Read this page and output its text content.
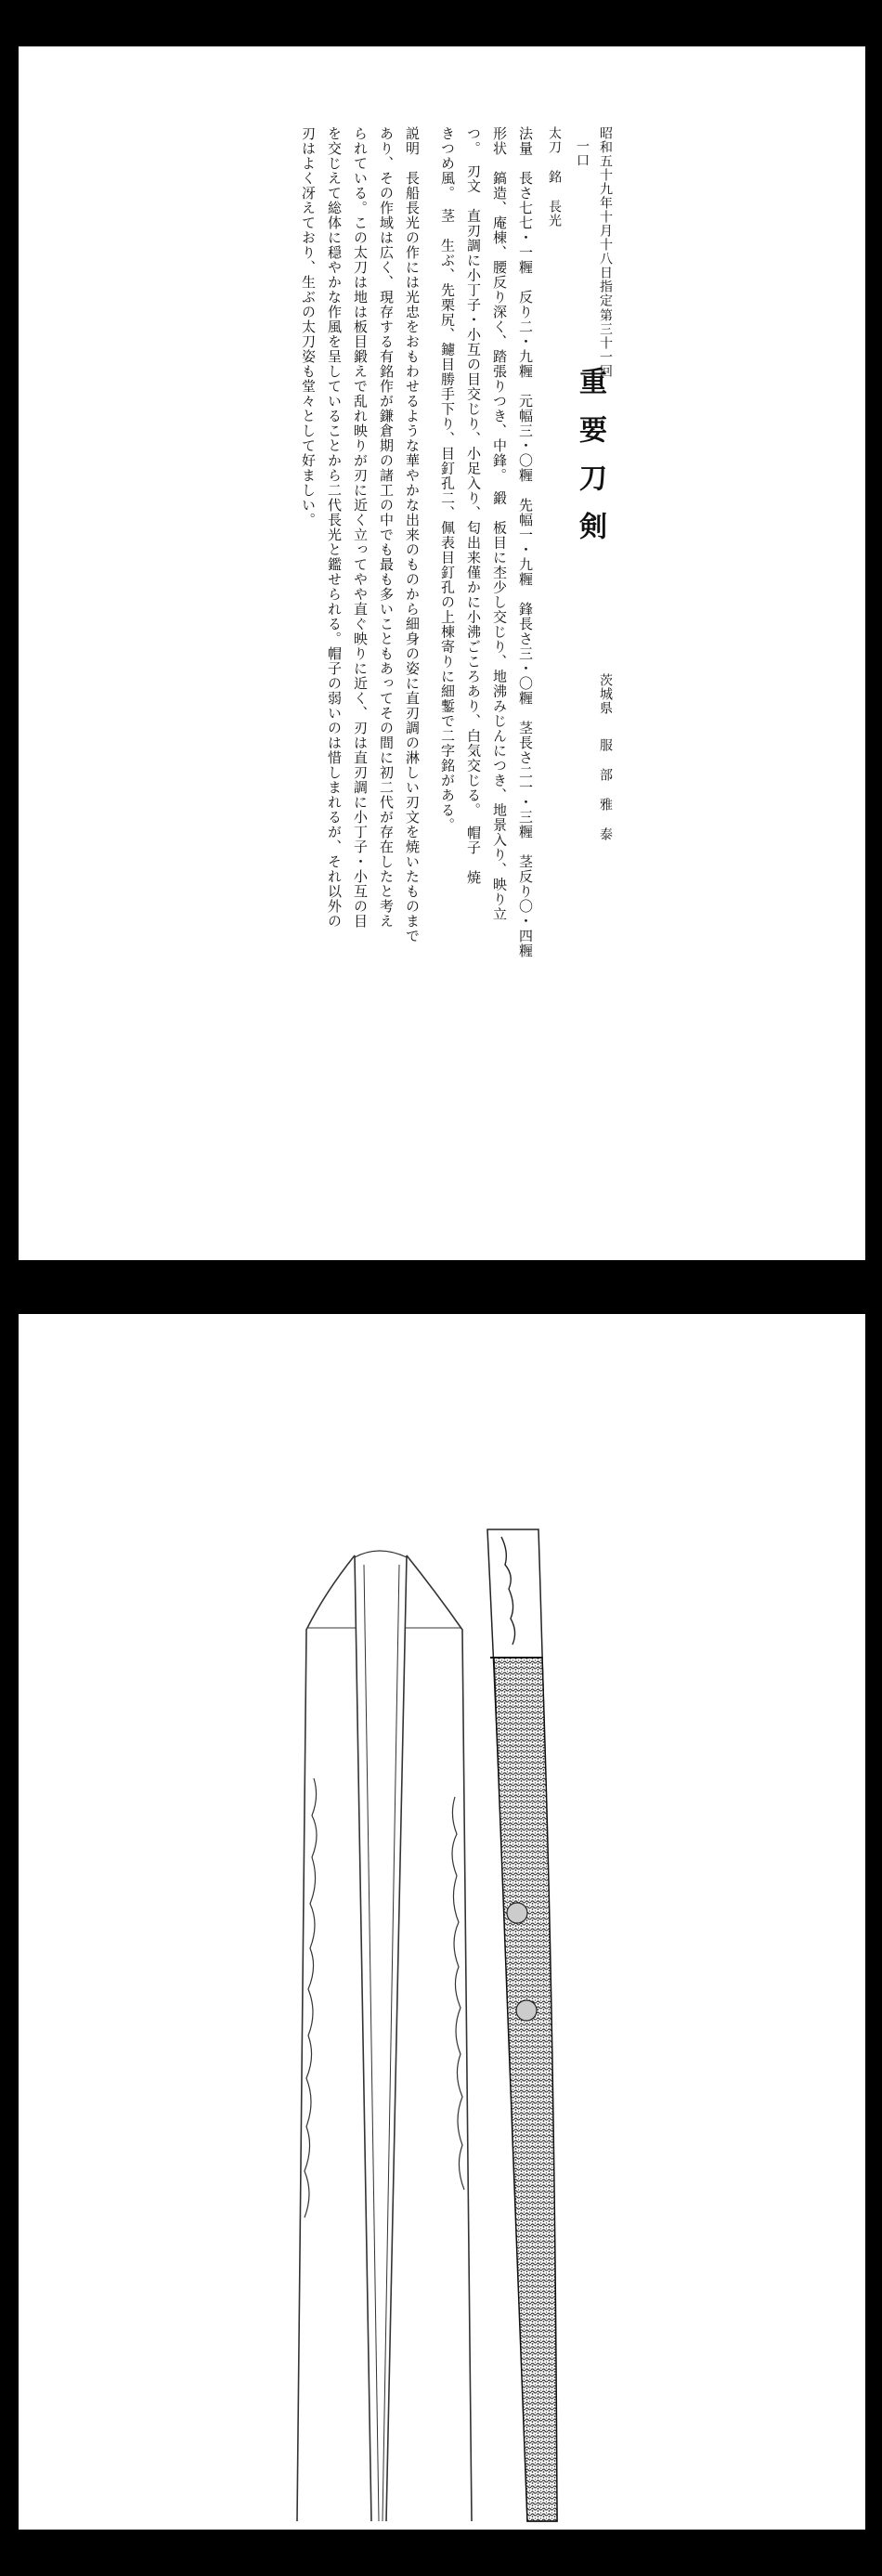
昭和五十九年十月十八日指定
一口
第三十一回
重要刀剣
茨城県
服 部 雅 泰
太刀 銘 長光
法量　長さ七七・一糎　反り二・九糎　元幅三・〇糎　先幅一・九糎　鋒長さ三・〇糎　茎長さ二一・三糎　茎反り〇・四糎
形状　鎬造、庵棟、腰反り深く、踏張りつき、中鋒。　鍛　板目に杢少し交じり、地沸みじんにつき、地景入り、映り立
つ。　刃文　直刃調に小丁子・小互の目交じり、小足入り、匂出来僅かに小沸ごころあり、白気交じる。　帽子　焼
きつめ風。　茎　生ぶ、先栗尻、鑢目勝手下り、目釘孔二、佩表目釘孔の上棟寄りに細鏨で二字銘がある。
説明　長船長光の作には光忠をおもわせるような華やかな出来のものから細身の姿に直刃調の淋しい刃文を焼いたものまで
あり、その作域は広く、現存する有銘作が鎌倉期の諸工の中でも最も多いこともあってその間に初二代が存在したと考え
られている。この太刀は地は板目鍛えで乱れ映りが刃に近く立ってやや直ぐ映りに近く、刃は直刃調に小丁子・小互の目
を交じえて総体に穏やかな作風を呈していることから二代長光と鑑せられる。帽子の弱いのは惜しまれるが、それ以外の
刃はよく冴えており、生ぶの太刀姿も堂々として好ましい。
